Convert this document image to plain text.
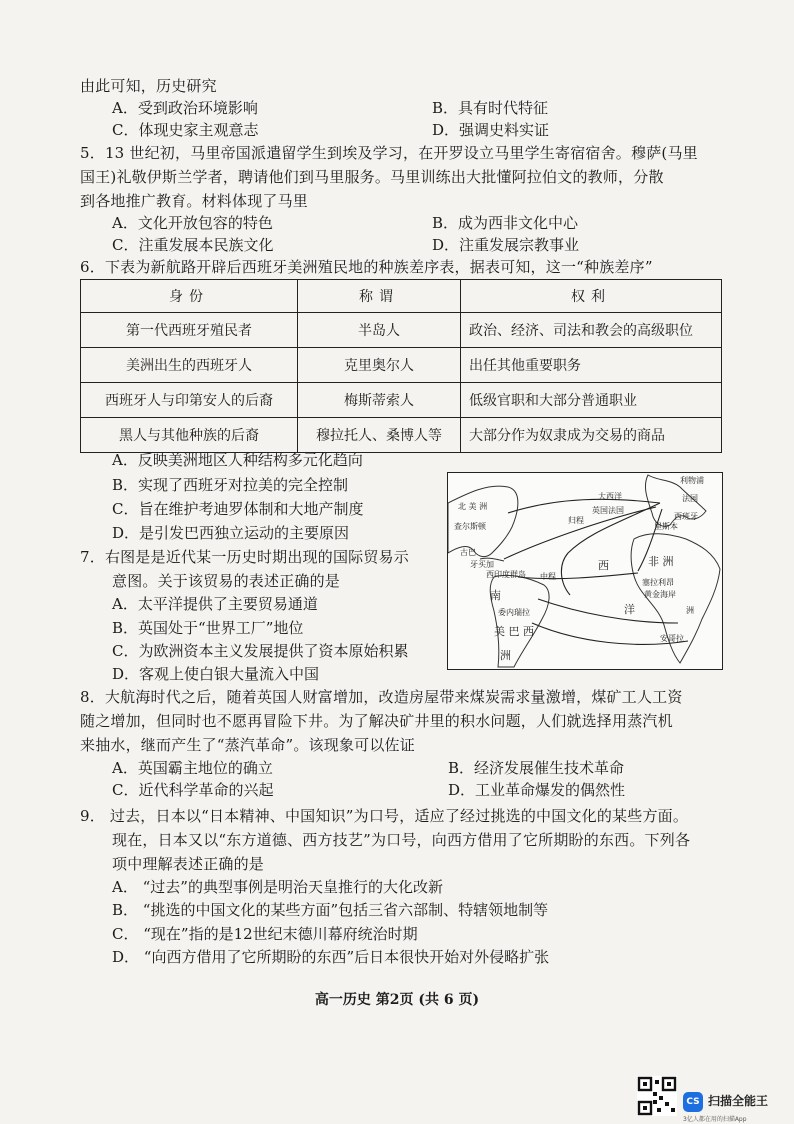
由此可知，历史研究
A．受到政治环境影响	B．具有时代特征
C．体现史家主观意志	D．强调史料实证
5．13 世纪初，马里帝国派遣留学生到埃及学习，在开罗设立马里学生寄宿宿舍。穆萨(马里
国王)礼敬伊斯兰学者，聘请他们到马里服务。马里训练出大批懂阿拉伯文的教师，分散
到各地推广教育。材料体现了马里
A．文化开放包容的特色	B．成为西非文化中心
C．注重发展本民族文化	D．注重发展宗教事业
6．下表为新航路开辟后西班牙美洲殖民地的种族差序表，据表可知，这一“种族差序”
身份	称谓	权利
第一代西班牙殖民者	半岛人	政治、经济、司法和教会的高级职位
美洲出生的西班牙人	克里奥尔人	出任其他重要职务
西班牙人与印第安人的后裔	梅斯蒂索人	低级官职和大部分普通职业
黑人与其他种族的后裔	穆拉托人、桑博人等	大部分作为奴隶成为交易的商品
A．反映美洲地区人种结构多元化趋向
B．实现了西班牙对拉美的完全控制
C．旨在维护考迪罗体制和大地产制度
D．是引发巴西独立运动的主要原因
7．右图是是近代某一历史时期出现的国际贸易示
意图。关于该贸易的表述正确的是
A．太平洋提供了主要贸易通道
B．英国处于“世界工厂”地位
C．为欧洲资本主义发展提供了资本原始积累
D．客观上使白银大量流入中国
北 美 洲
大西洋
利物浦
法国
西班牙
里斯本
查尔斯顿
归程
英国法国
古巴
牙买加
西印度群岛
南
委内瑞拉
美 巴 西
洲
西
中程
洋
非 洲
塞拉利昂
黄金海岸
安哥拉
洲
8．大航海时代之后，随着英国人财富增加，改造房屋带来煤炭需求量激增，煤矿工人工资
随之增加，但同时也不愿再冒险下井。为了解决矿井里的积水问题，人们就选择用蒸汽机
来抽水，继而产生了“蒸汽革命”。该现象可以佐证
A．英国霸主地位的确立	B．经济发展催生技术革命
C．近代科学革命的兴起	D．工业革命爆发的偶然性
9． 过去，日本以“日本精神、中国知识”为口号，适应了经过挑选的中国文化的某些方面。
现在，日本又以“东方道德、西方技艺”为口号，向西方借用了它所期盼的东西。下列各
项中理解表述正确的是
A． “过去”的典型事例是明治天皇推行的大化改新
B． “挑选的中国文化的某些方面”包括三省六部制、特辖领地制等
C． “现在”指的是12世纪末德川幕府统治时期
D． “向西方借用了它所期盼的东西”后日本很快开始对外侵略扩张
高一历史 第2页 (共 6 页)
CS 扫描全能王
3亿人都在用的扫描App
